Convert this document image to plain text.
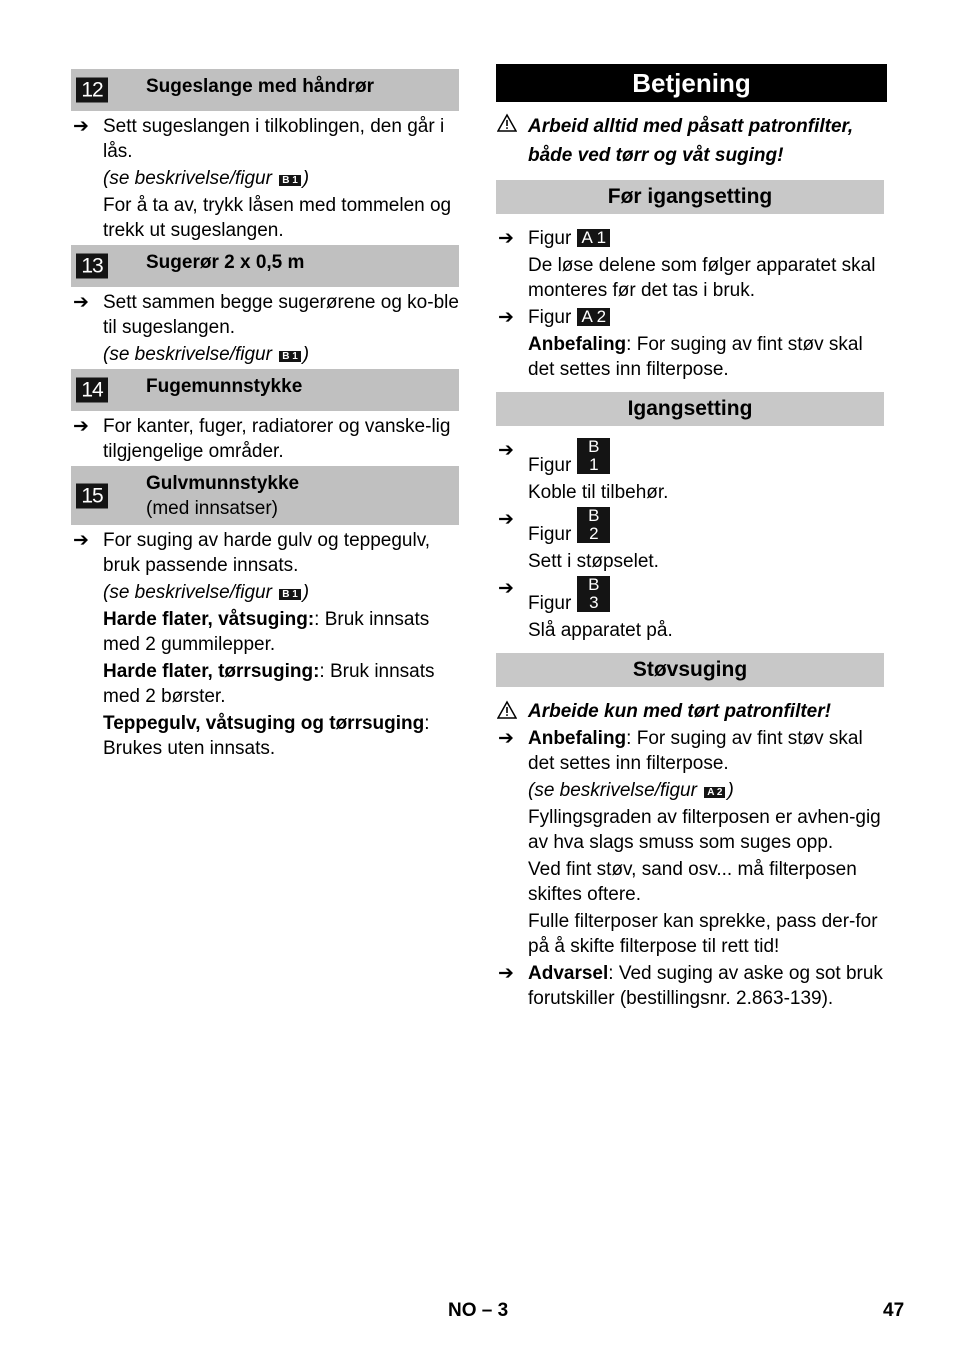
12 Sugeslange med håndrør
➔ Sett sugeslangen i tilkoblingen, den går i lås.

(se beskrivelse/figur B 1 )

For å ta av, trykk låsen med tommelen og trekk ut sugeslangen.

13 Sugerør 2 x 0,5 m
➔ Sett sammen begge sugerørene og ko-ble til sugeslangen.

(se beskrivelse/figur B 1 )

14 Fugemunnstykke
➔ For kanter, fuger, radiatorer og vanske-lig tilgjengelige områder.

15
Gulvmunnstykke
(med innsatser)
➔ For suging av harde gulv og teppegulv, bruk passende innsats.

(se beskrivelse/figur B 1 )

Harde flater, våtsuging:: Bruk innsats med 2 gummilepper.

Harde flater, tørrsuging:: Bruk innsats med 2 børster.

Teppegulv, våtsuging og tørrsuging: Brukes uten innsats.

Betjening

Arbeid alltid med påsatt patronfilter, både ved tørr og våt suging!

Før igangsetting
➔ Figur A 1

De løse delene som følger apparatet skal monteres før det tas i bruk.

➔ Figur A 2

Anbefaling: For suging av fint støv skal det settes inn filterpose.

Igangsetting
➔

FigurB 1

Koble til tilbehør.

➔

FigurB 2

Sett i støpselet.

➔

FigurB 3

Slå apparatet på.

Støvsuging

Arbeide kun med tørt patronfilter!

➔ Anbefaling: For suging av fint støv skal det settes inn filterpose.

(se beskrivelse/figur A 2 )

Fyllingsgraden av filterposen er avhen-gig av hva slags smuss som suges opp.

Ved fint støv, sand osv... må filterposen skiftes oftere.

Fulle filterposer kan sprekke, pass der-for på å skifte filterpose til rett tid!

➔ Advarsel: Ved suging av aske og sot bruk forutskiller (bestillingsnr. 2.863-139).

NO – 3	47
